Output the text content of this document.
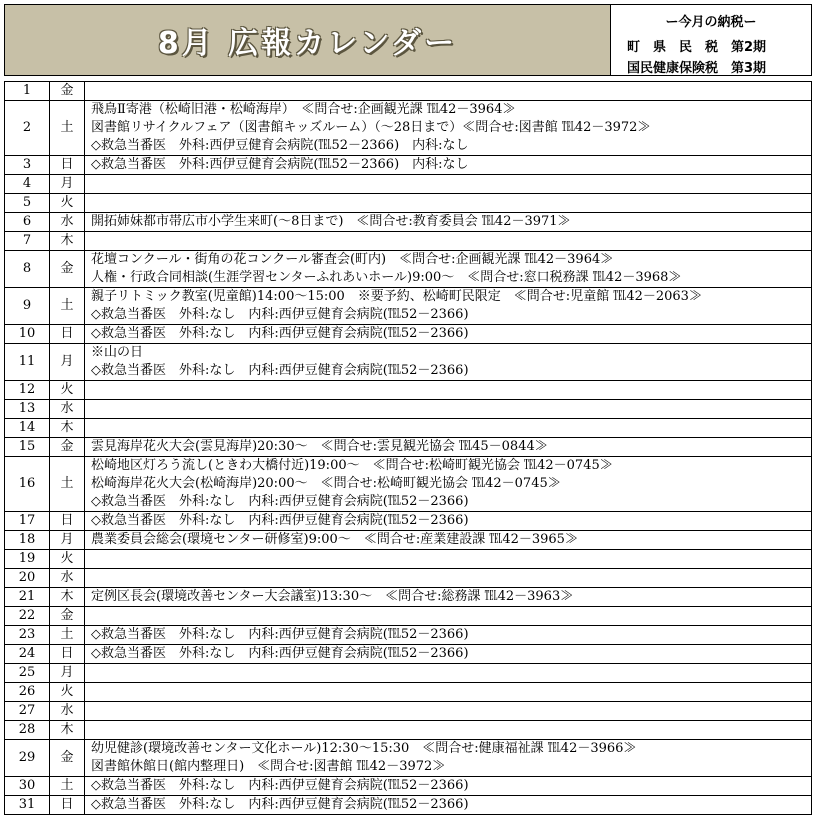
8月 広報カレンダー
ー今月の納税ー
町県民税第2期
国民健康保険税 第3期
1	金	

2	土	飛鳥Ⅱ寄港（松崎旧港・松崎海岸）　≪問合せ:企画観光課 ℡42－3964≫
図書館リサイクルフェア（図書館キッズルーム）（～28日まで）≪問合せ:図書館 ℡42－3972≫
◇救急当番医　外科:西伊豆健育会病院(℡52－2366)　内科:なし

3	日	◇救急当番医　外科:西伊豆健育会病院(℡52－2366)　内科:なし

4	月	

5	火	

6	水	開拓姉妹都市帯広市小学生来町(～8日まで)　≪問合せ:教育委員会 ℡42－3971≫

7	木	

8	金	花壇コンクール・街角の花コンクール審査会(町内)　≪問合せ:企画観光課 ℡42－3964≫
人権・行政合同相談(生涯学習センターふれあいホール)9:00～　≪問合せ:窓口税務課 ℡42－3968≫

9	土	親子リトミック教室(児童館)14:00～15:00　※要予約、松崎町民限定　≪問合せ:児童館 ℡42－2063≫
◇救急当番医　外科:なし　内科:西伊豆健育会病院(℡52－2366)

10	日	◇救急当番医　外科:なし　内科:西伊豆健育会病院(℡52－2366)

11	月	※山の日
◇救急当番医　外科:なし　内科:西伊豆健育会病院(℡52－2366)

12	火	

13	水	

14	木	

15	金	雲見海岸花火大会(雲見海岸)20:30～　≪問合せ:雲見観光協会 ℡45－0844≫

16	土	松崎地区灯ろう流し(ときわ大橋付近)19:00～　≪問合せ:松崎町観光協会 ℡42－0745≫
松崎海岸花火大会(松崎海岸)20:00～　≪問合せ:松崎町観光協会 ℡42－0745≫
◇救急当番医　外科:なし　内科:西伊豆健育会病院(℡52－2366)

17	日	◇救急当番医　外科:なし　内科:西伊豆健育会病院(℡52－2366)

18	月	農業委員会総会(環境センター研修室)9:00～　≪問合せ:産業建設課 ℡42－3965≫

19	火	

20	水	

21	木	定例区長会(環境改善センター大会議室)13:30～　≪問合せ:総務課 ℡42－3963≫

22	金	

23	土	◇救急当番医　外科:なし　内科:西伊豆健育会病院(℡52－2366)

24	日	◇救急当番医　外科:なし　内科:西伊豆健育会病院(℡52－2366)

25	月	

26	火	

27	水	

28	木	

29	金	幼児健診(環境改善センター文化ホール)12:30～15:30　≪問合せ:健康福祉課 ℡42－3966≫
図書館休館日(館内整理日)　≪問合せ:図書館 ℡42－3972≫

30	土	◇救急当番医　外科:なし　内科:西伊豆健育会病院(℡52－2366)

31	日	◇救急当番医　外科:なし　内科:西伊豆健育会病院(℡52－2366)
